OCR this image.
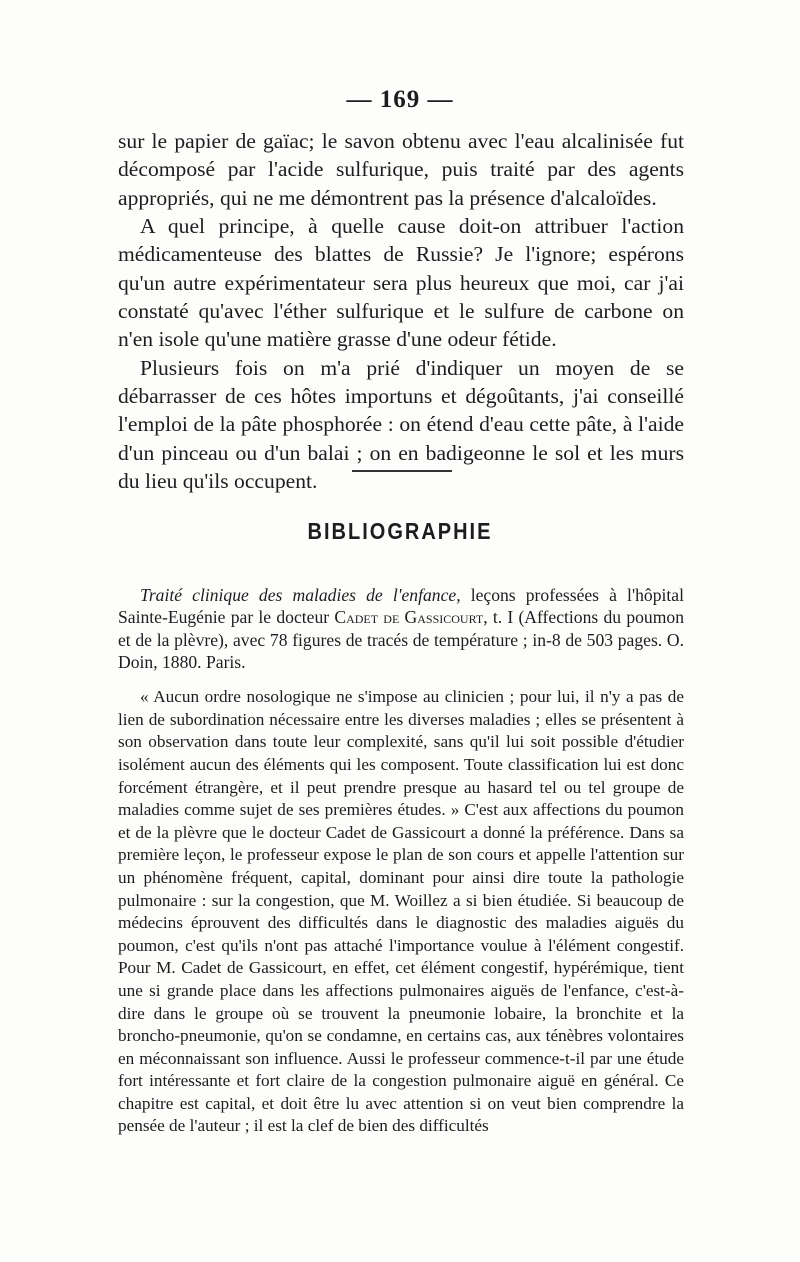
— 169 —

sur le papier de gaïac; le savon obtenu avec l'eau alcalinisée fut décomposé par l'acide sulfurique, puis traité par des agents appropriés, qui ne me démontrent pas la présence d'alcaloïdes.

A quel principe, à quelle cause doit-on attribuer l'action médicamenteuse des blattes de Russie? Je l'ignore; espérons qu'un autre expérimentateur sera plus heureux que moi, car j'ai constaté qu'avec l'éther sulfurique et le sulfure de carbone on n'en isole qu'une matière grasse d'une odeur fétide.

Plusieurs fois on m'a prié d'indiquer un moyen de se débarrasser de ces hôtes importuns et dégoûtants, j'ai conseillé l'emploi de la pâte phosphorée : on étend d'eau cette pâte, à l'aide d'un pinceau ou d'un balai ; on en badigeonne le sol et les murs du lieu qu'ils occupent.

BIBLIOGRAPHIE

Traité clinique des maladies de l'enfance, leçons professées à l'hôpital Sainte-Eugénie par le docteur Cadet de Gassicourt, t. I (Affections du poumon et de la plèvre), avec 78 figures de tracés de température ; in-8 de 503 pages. O. Doin, 1880. Paris.

« Aucun ordre nosologique ne s'impose au clinicien ; pour lui, il n'y a pas de lien de subordination nécessaire entre les diverses maladies ; elles se présentent à son observation dans toute leur complexité, sans qu'il lui soit possible d'étudier isolément aucun des éléments qui les composent. Toute classification lui est donc forcément étrangère, et il peut prendre presque au hasard tel ou tel groupe de maladies comme sujet de ses premières études. » C'est aux affections du poumon et de la plèvre que le docteur Cadet de Gassicourt a donné la préférence. Dans sa première leçon, le professeur expose le plan de son cours et appelle l'attention sur un phénomène fréquent, capital, dominant pour ainsi dire toute la pathologie pulmonaire : sur la congestion, que M. Woillez a si bien étudiée. Si beaucoup de médecins éprouvent des difficultés dans le diagnostic des maladies aiguës du poumon, c'est qu'ils n'ont pas attaché l'importance voulue à l'élément congestif. Pour M. Cadet de Gassicourt, en effet, cet élément congestif, hypérémique, tient une si grande place dans les affections pulmonaires aiguës de l'enfance, c'est-à-dire dans le groupe où se trouvent la pneumonie lobaire, la bronchite et la broncho-pneumonie, qu'on se condamne, en certains cas, aux ténèbres volontaires en méconnaissant son influence. Aussi le professeur commence-t-il par une étude fort intéressante et fort claire de la congestion pulmonaire aiguë en général. Ce chapitre est capital, et doit être lu avec attention si on veut bien comprendre la pensée de l'auteur ; il est la clef de bien des difficultés
